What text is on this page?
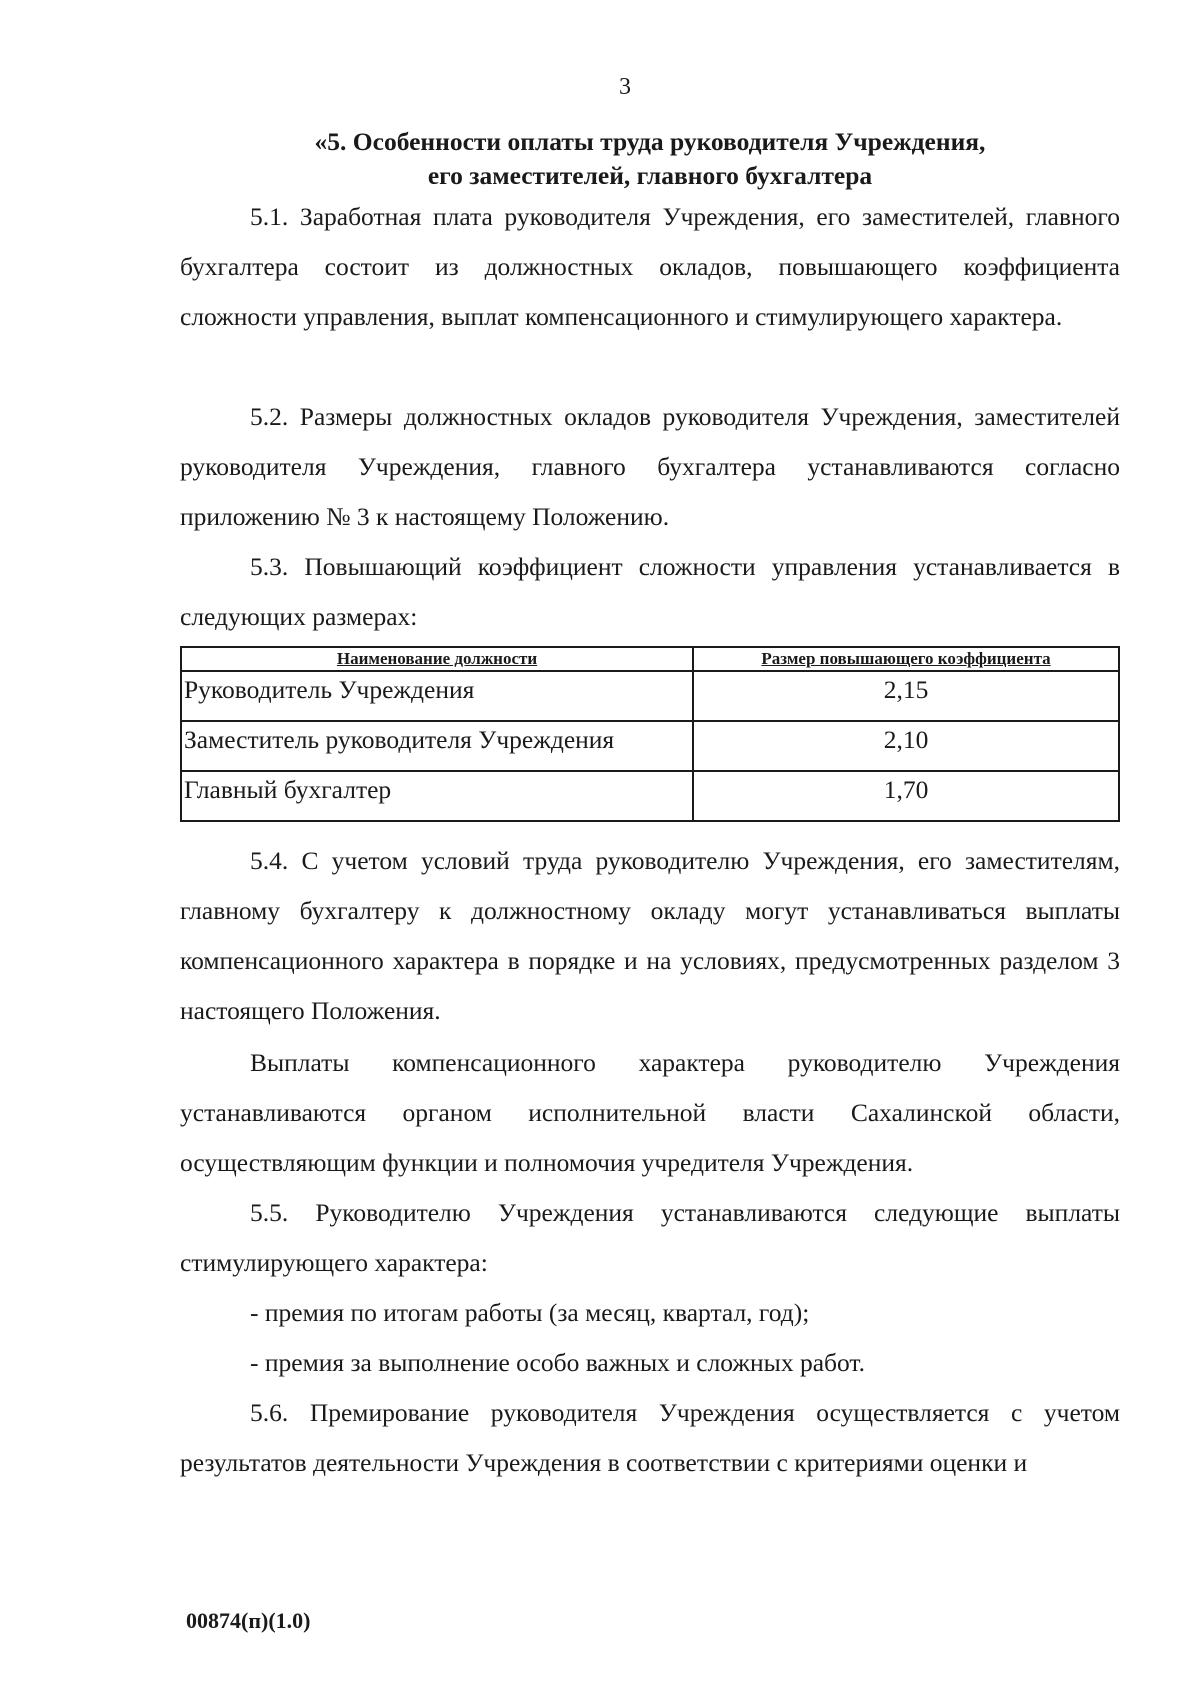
3
«5. Особенности оплаты труда руководителя Учреждения,
его заместителей, главного бухгалтера

5.1. Заработная плата руководителя Учреждения, его заместителей, главного бухгалтера состоит из должностных окладов, повышающего коэффициента сложности управления, выплат компенсационного и стимулирующего характера.

5.2. Размеры должностных окладов руководителя Учреждения, заместителей руководителя Учреждения, главного бухгалтера устанавливаются согласно приложению № 3 к настоящему Положению.

5.3. Повышающий коэффициент сложности управления устанавливается в следующих размерах:

Наименование должности	Размер повышающего коэффициента
Руководитель Учреждения	2,15
Заместитель руководителя Учреждения	2,10
Главный бухгалтер	1,70

5.4. С учетом условий труда руководителю Учреждения, его заместителям, главному бухгалтеру к должностному окладу могут устанавливаться выплаты компенсационного характера в порядке и на условиях, предусмотренных разделом 3 настоящего Положения.

Выплаты компенсационного характера руководителю Учреждения устанавливаются органом исполнительной власти Сахалинской области, осуществляющим функции и полномочия учредителя Учреждения.

5.5. Руководителю Учреждения устанавливаются следующие выплаты стимулирующего характера:

- премия по итогам работы (за месяц, квартал, год);
- премия за выполнение особо важных и сложных работ.

5.6. Премирование руководителя Учреждения осуществляется с учетом результатов деятельности Учреждения в соответствии с критериями оценки и

00874(п)(1.0)
